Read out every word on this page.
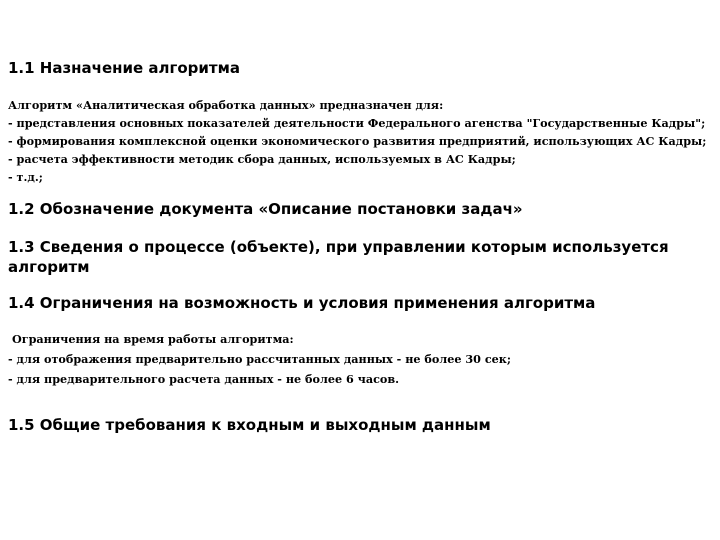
1.1 Назначение алгоритма
Алгоритм «Аналитическая обработка данных» предназначен для:
- представления основных показателей деятельности Федерального агенства "Государственные Кадры";
- формирования комплексной оценки экономического развития предприятий, использующих АС Кадры;
- расчета эффективности методик сбора данных, используемых в АС Кадры;
- т.д.;
1.2 Обозначение документа «Описание постановки задач»
1.3 Сведения о процессе (объекте), при управлении которым используется алгоритм
1.4 Ограничения на возможность и условия применения алгоритма
Ограничения на время работы алгоритма:
- для отображения предварительно рассчитанных данных - не более 30 сек;
- для предварительного расчета данных - не более 6 часов.
1.5 Общие требования к входным и выходным данным
